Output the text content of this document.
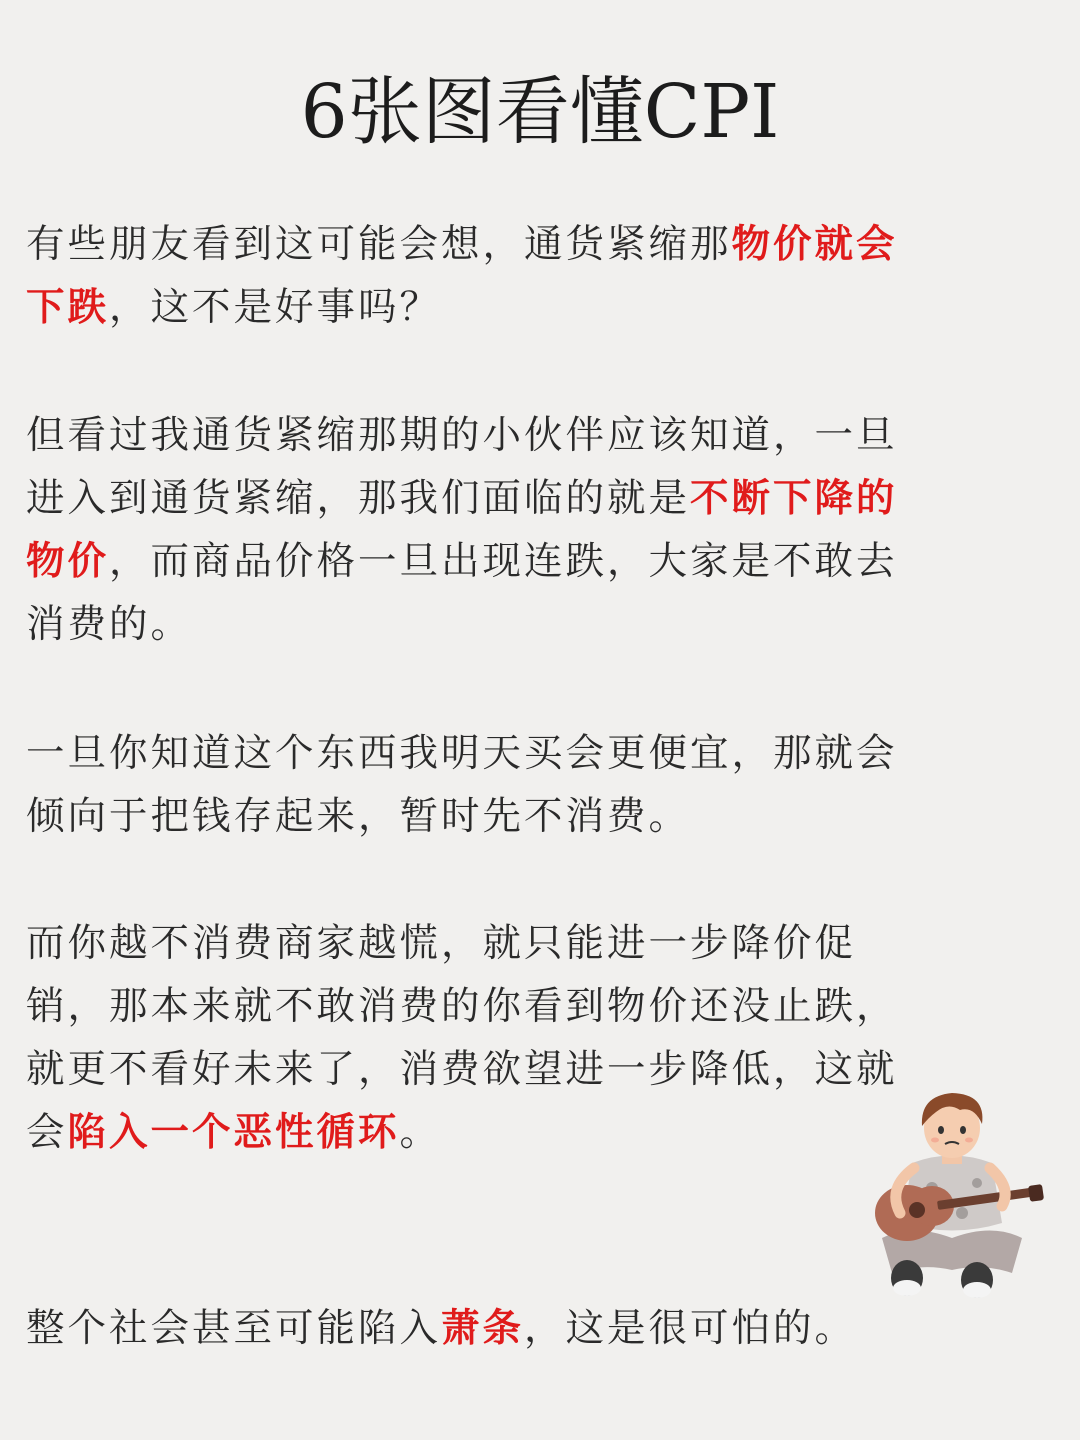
6张图看懂CPI

有些朋友看到这可能会想，通货紧缩那物价就会下跌，这不是好事吗？

但看过我通货紧缩那期的小伙伴应该知道，一旦进入到通货紧缩，那我们面临的就是不断下降的物价，而商品价格一旦出现连跌，大家是不敢去消费的。

一旦你知道这个东西我明天买会更便宜，那就会倾向于把钱存起来，暂时先不消费。

而你越不消费商家越慌，就只能进一步降价促销，那本来就不敢消费的你看到物价还没止跌，就更不看好未来了，消费欲望进一步降低，这就会陷入一个恶性循环。

整个社会甚至可能陷入萧条，这是很可怕的。
